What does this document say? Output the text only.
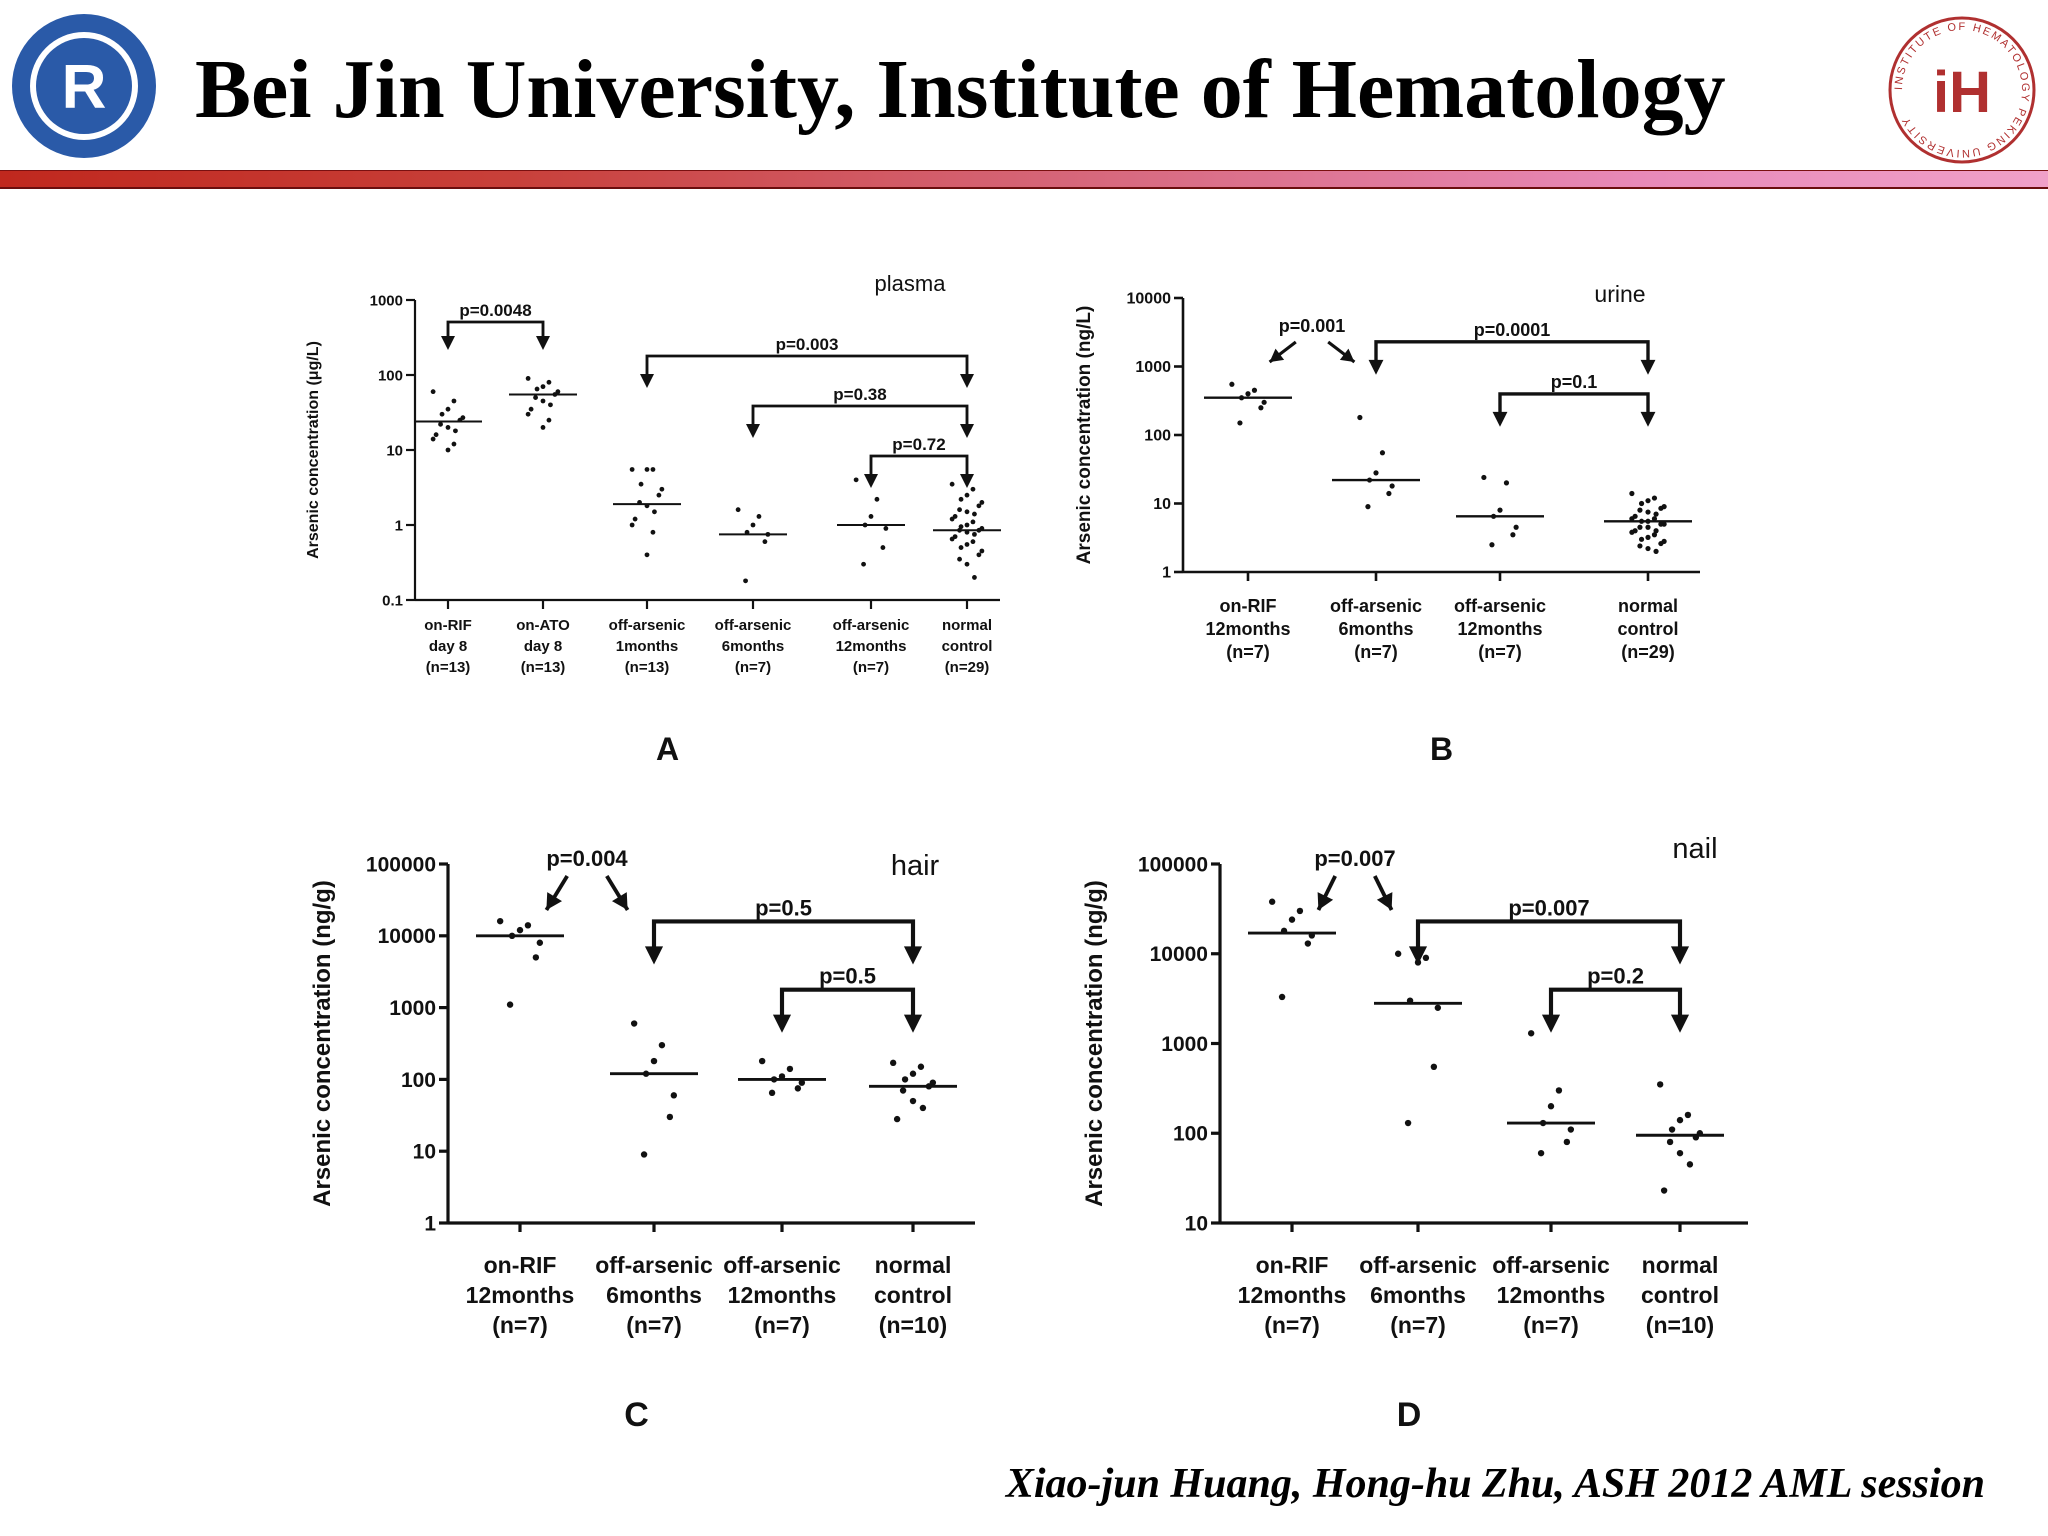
R Bei Jin University, Institute of Hematology	INSTITUTE OF HEMATOLOGY PEKING UNIVERSITY iH
0.1
1
10
100
1000
Arsenic concentration (μg/L)
plasma
on-RIF day 8 (n=13)
on-ATO day 8 (n=13)
off-arsenic 1months (n=13)
off-arsenic 6months (n=7)
off-arsenic 12months (n=7)
normal control (n=29)
p=0.0048
p=0.003
p=0.38
p=0.72
A
1
10
100
1000
10000
Arsenic concentration (ng/L)
urine
on-RIF 12months (n=7)
off-arsenic 6months (n=7)
off-arsenic 12months (n=7)
normal control (n=29)
p=0.001	p=0.0001
p=0.1
B
1
10
100
1000
10000
100000
Arsenic concentration (ng/g)
hair
on-RIF 12months (n=7)
off-arsenic 6months (n=7)
off-arsenic 12months (n=7)
normal control (n=10)
p=0.004
p=0.5
p=0.5
C
10
100
1000
10000
100000
Arsenic concentration (ng/g)
nail
on-RIF 12months (n=7)
off-arsenic 6months (n=7)
off-arsenic 12months (n=7)
normal control (n=10)
p=0.007
p=0.007
p=0.2
D
Xiao-jun Huang, Hong-hu Zhu, ASH 2012 AML session
